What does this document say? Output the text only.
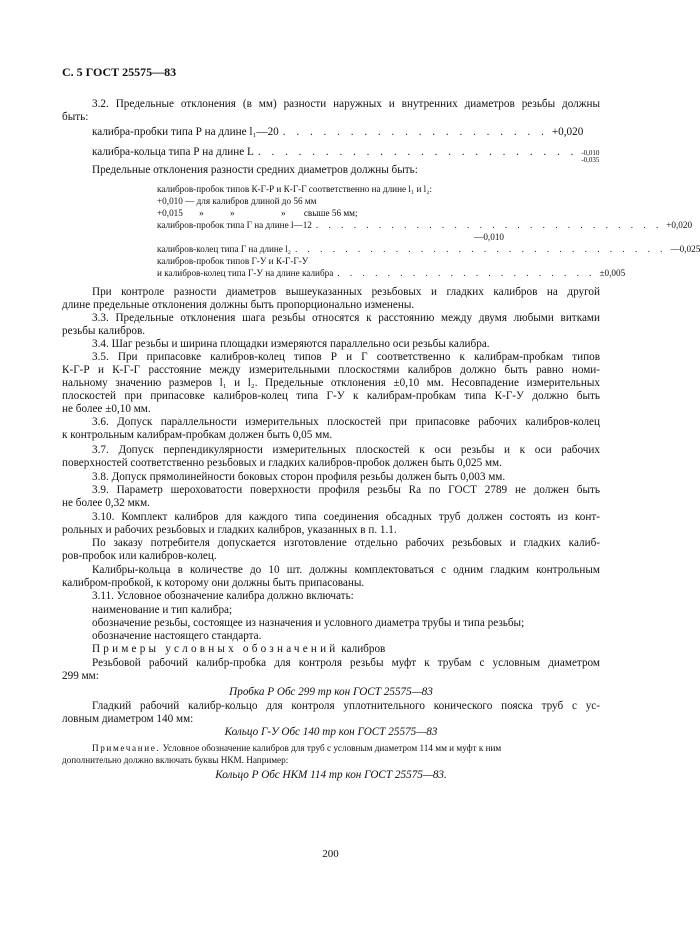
С. 5 ГОСТ 25575—83
3.2. Предельные отклонения (в мм) разности наружных и внутренних диаметров резьбы должны
быть:
калибра-пробки типа Р на длине l₁—20 . . . . . . . . . . . . . . . . . . . . +0,020
калибра-кольца типа Р на длине L . . . . . . . . . . . . . . . . . . . . . . . . -0,010
-0,035
Предельные отклонения разности средних диаметров должны быть:
калибров-пробок типов К-Г-Р и К-Г-Г соответственно на длине l₁ и l₂:
+0,010 — для калибров длиной до 56 мм
+0,015 »	»	» свыше 56 мм;
калибров-пробок типа Г на длине l—12 . . . . . . . . . . . . . . . . . . . . . . . . . . . . +0,020
—0,010
калибров-колец типа Г на длине l₂ . . . . . . . . . . . . . . . . . . . . . . . . . . . . . . —0,025
калибров-пробок типов Г-У и К-Г-Г-У
и калибров-колец типа Г-У на длине калибра . . . . . . . . . . . . . . . . . . . . . ±0,005
При контроле разности диаметров вышеуказанных резьбовых и гладких калибров на другой
длине предельные отклонения должны быть пропорционально изменены.
3.3. Предельные отклонения шага резьбы относятся к расстоянию между двумя любыми витками
резьбы калибров.
3.4. Шаг резьбы и ширина площадки измеряются параллельно оси резьбы калибра.
3.5. При припасовке калибров-колец типов Р и Г соответственно к калибрам-пробкам типов
К-Г-Р и К-Г-Г расстояние между измерительными плоскостями калибров должно быть равно номи-
нальному значению размеров l₁ и l₂. Предельные отклонения ±0,10 мм. Несовпадение измерительных
плоскостей при припасовке калибров-колец типа Г-У к калибрам-пробкам типа К-Г-У должно быть
не более ±0,10 мм.
3.6. Допуск параллельности измерительных плоскостей при припасовке рабочих калибров-колец
к контрольным калибрам-пробкам должен быть 0,05 мм.
3.7. Допуск перпендикулярности измерительных плоскостей к оси резьбы и к оси рабочих
поверхностей соответственно резьбовых и гладких калибров-пробок должен быть 0,025 мм.
3.8. Допуск прямолинейности боковых сторон профиля резьбы должен быть 0,003 мм.
3.9. Параметр шероховатости поверхности профиля резьбы Ra по ГОСТ 2789 не должен быть
не более 0,32 мкм.
3.10. Комплект калибров для каждого типа соединения обсадных труб должен состоять из конт-
рольных и рабочих резьбовых и гладких калибров, указанных в п. 1.1.
По заказу потребителя допускается изготовление отдельно рабочих резьбовых и гладких калиб-
ров-пробок или калибров-колец.
Калибры-кольца в количестве до 10 шт. должны комплектоваться с одним гладким контрольным
калибром-пробкой, к которому они должны быть припасованы.
3.11. Условное обозначение калибра должно включать:
наименование и тип калибра;
обозначение резьбы, состоящее из назначения и условного диаметра трубы и типа резьбы;
обозначение настоящего стандарта.
Примеры условных обозначений калибров
Резьбовой рабочий калибр-пробка для контроля резьбы муфт к трубам с условным диаметром
299 мм:
Пробка Р Обс 299 тр кон ГОСТ 25575—83
Гладкий рабочий калибр-кольцо для контроля уплотнительного конического пояска труб с ус-
ловным диаметром 140 мм:
Кольцо Г-У Обс 140 тр кон ГОСТ 25575—83
Примечание. Условное обозначение калибров для труб с условным диаметром 114 мм и муфт к ним
дополнительно должно включать буквы НКМ. Например:
Кольцо Р Обс НКМ 114 тр кон ГОСТ 25575—83.
200
